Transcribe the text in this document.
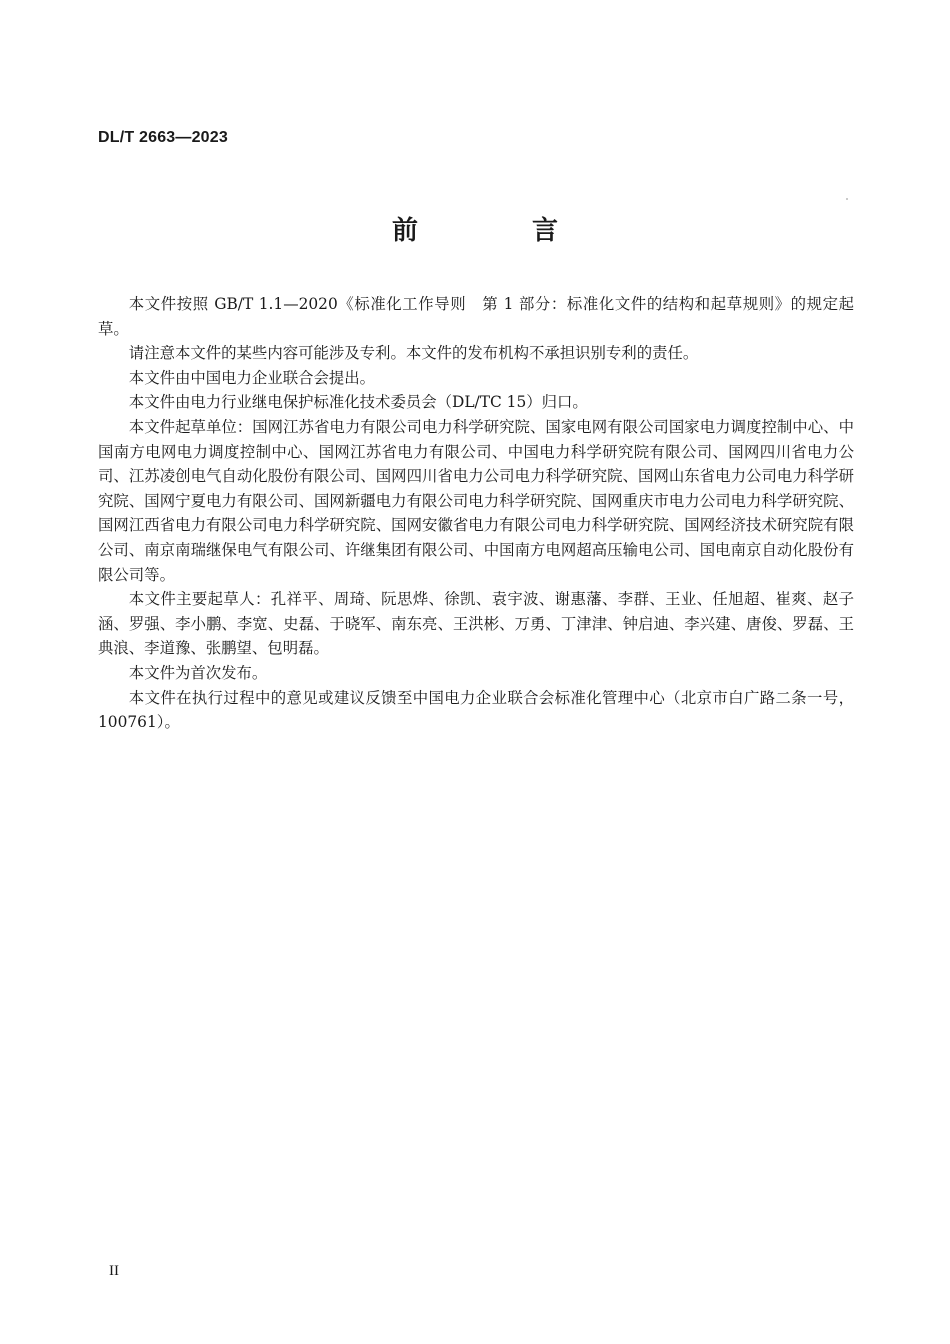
DL/T 2663—2023
前　言

本文件按照 GB/T 1.1—2020《标准化工作导则　第 1 部分：标准化文件的结构和起草规则》的规定起草。

请注意本文件的某些内容可能涉及专利。本文件的发布机构不承担识别专利的责任。

本文件由中国电力企业联合会提出。

本文件由电力行业继电保护标准化技术委员会（DL/TC 15）归口。

本文件起草单位：国网江苏省电力有限公司电力科学研究院、国家电网有限公司国家电力调度控制中心、中国南方电网电力调度控制中心、国网江苏省电力有限公司、中国电力科学研究院有限公司、国网四川省电力公司、江苏凌创电气自动化股份有限公司、国网四川省电力公司电力科学研究院、国网山东省电力公司电力科学研究院、国网宁夏电力有限公司、国网新疆电力有限公司电力科学研究院、国网重庆市电力公司电力科学研究院、国网江西省电力有限公司电力科学研究院、国网安徽省电力有限公司电力科学研究院、国网经济技术研究院有限公司、南京南瑞继保电气有限公司、许继集团有限公司、中国南方电网超高压输电公司、国电南京自动化股份有限公司等。

本文件主要起草人：孔祥平、周琦、阮思烨、徐凯、袁宇波、谢惠藩、李群、王业、任旭超、崔爽、赵子涵、罗强、李小鹏、李宽、史磊、于晓军、南东亮、王洪彬、万勇、丁津津、钟启迪、李兴建、唐俊、罗磊、王典浪、李道豫、张鹏望、包明磊。

本文件为首次发布。

本文件在执行过程中的意见或建议反馈至中国电力企业联合会标准化管理中心（北京市白广路二条一号，100761）。

II
